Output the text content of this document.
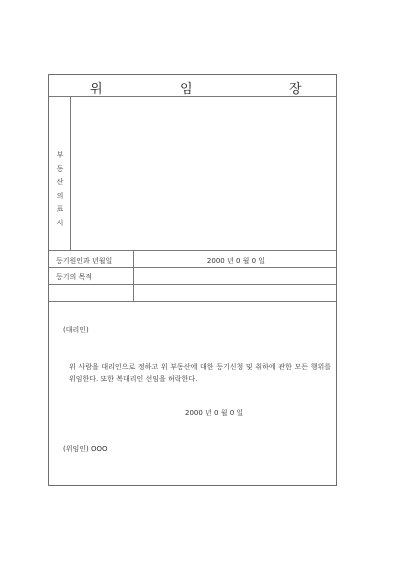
위	임	장
부
동
산
의
표
시
등기원인과 년월일	2000 년 0 월 0 일
등기의 목적
(대리인)
위 사람을 대리인으로 정하고 위 부동산에 대한 등기신청 및 취하에 관한 모든 행위를 위임한다. 또한 복대리인 선임을 허락한다.
2000 년 0 월 0 일
(위임인) OOO
